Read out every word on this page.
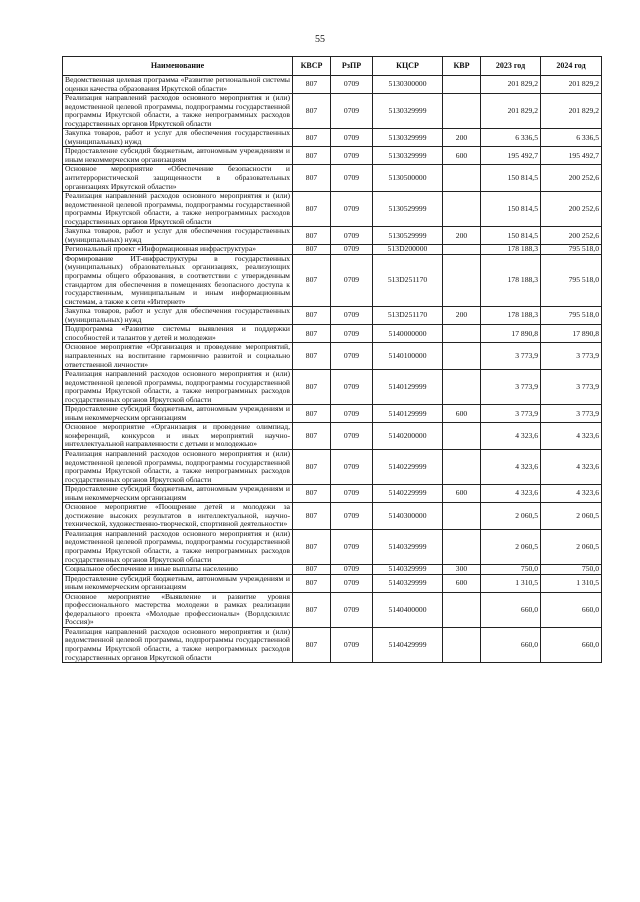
55
Наименование	КВСР	РзПР	КЦСР	КВР	2023 год	2024 год
Ведомственная целевая программа «Развитие региональной системы оценки качества образования Иркутской области»	807	0709	5130300000		201 829,2	201 829,2
Реализация направлений расходов основного мероприятия и (или) ведомственной целевой программы, подпрограммы государственной программы Иркутской области, а также непрограммных расходов государственных органов Иркутской области	807	0709	5130329999		201 829,2	201 829,2
Закупка товаров, работ и услуг для обеспечения государственных (муниципальных) нужд	807	0709	5130329999	200	6 336,5	6 336,5
Предоставление субсидий бюджетным, автономным учреждениям и иным некоммерческим организациям	807	0709	5130329999	600	195 492,7	195 492,7
Основное мероприятие «Обеспечение безопасности и антитеррористической защищенности в образовательных организациях Иркутской области»	807	0709	5130500000		150 814,5	200 252,6
Реализация направлений расходов основного мероприятия и (или) ведомственной целевой программы, подпрограммы государственной программы Иркутской области, а также непрограммных расходов государственных органов Иркутской области	807	0709	5130529999		150 814,5	200 252,6
Закупка товаров, работ и услуг для обеспечения государственных (муниципальных) нужд	807	0709	5130529999	200	150 814,5	200 252,6
Региональный проект «Информационная инфраструктура»	807	0709	513D200000		178 188,3	795 518,0
Формирование ИТ-инфраструктуры в государственных (муниципальных) образовательных организациях, реализующих программы общего образования, в соответствии с утвержденным стандартом для обеспечения в помещениях безопасного доступа к государственным, муниципальным и иным информационным системам, а также к сети «Интернет»	807	0709	513D251170		178 188,3	795 518,0
Закупка товаров, работ и услуг для обеспечения государственных (муниципальных) нужд	807	0709	513D251170	200	178 188,3	795 518,0
Подпрограмма «Развитие системы выявления и поддержки способностей и талантов у детей и молодежи»	807	0709	5140000000		17 890,8	17 890,8
Основное мероприятие «Организация и проведение мероприятий, направленных на воспитание гармонично развитой и социально ответственной личности»	807	0709	5140100000		3 773,9	3 773,9
Реализация направлений расходов основного мероприятия и (или) ведомственной целевой программы, подпрограммы государственной программы Иркутской области, а также непрограммных расходов государственных органов Иркутской области	807	0709	5140129999		3 773,9	3 773,9
Предоставление субсидий бюджетным, автономным учреждениям и иным некоммерческим организациям	807	0709	5140129999	600	3 773,9	3 773,9
Основное мероприятие «Организация и проведение олимпиад, конференций, конкурсов и иных мероприятий научно-интеллектуальной направленности с детьми и молодежью»	807	0709	5140200000		4 323,6	4 323,6
Реализация направлений расходов основного мероприятия и (или) ведомственной целевой программы, подпрограммы государственной программы Иркутской области, а также непрограммных расходов государственных органов Иркутской области	807	0709	5140229999		4 323,6	4 323,6
Предоставление субсидий бюджетным, автономным учреждениям и иным некоммерческим организациям	807	0709	5140229999	600	4 323,6	4 323,6
Основное мероприятие «Поощрение детей и молодежи за достижение высоких результатов в интеллектуальной, научно-технической, художественно-творческой, спортивной деятельности»	807	0709	5140300000		2 060,5	2 060,5
Реализация направлений расходов основного мероприятия и (или) ведомственной целевой программы, подпрограммы государственной программы Иркутской области, а также непрограммных расходов государственных органов Иркутской области	807	0709	5140329999		2 060,5	2 060,5
Социальное обеспечение и иные выплаты населению	807	0709	5140329999	300	750,0	750,0
Предоставление субсидий бюджетным, автономным учреждениям и иным некоммерческим организациям	807	0709	5140329999	600	1 310,5	1 310,5
Основное мероприятие «Выявление и развитие уровня профессионального мастерства молодежи в рамках реализации федерального проекта «Молодые профессионалы» (Ворлдскиллс Россия)»	807	0709	5140400000		660,0	660,0
Реализация направлений расходов основного мероприятия и (или) ведомственной целевой программы, подпрограммы государственной программы Иркутской области, а также непрограммных расходов государственных органов Иркутской области	807	0709	5140429999		660,0	660,0
